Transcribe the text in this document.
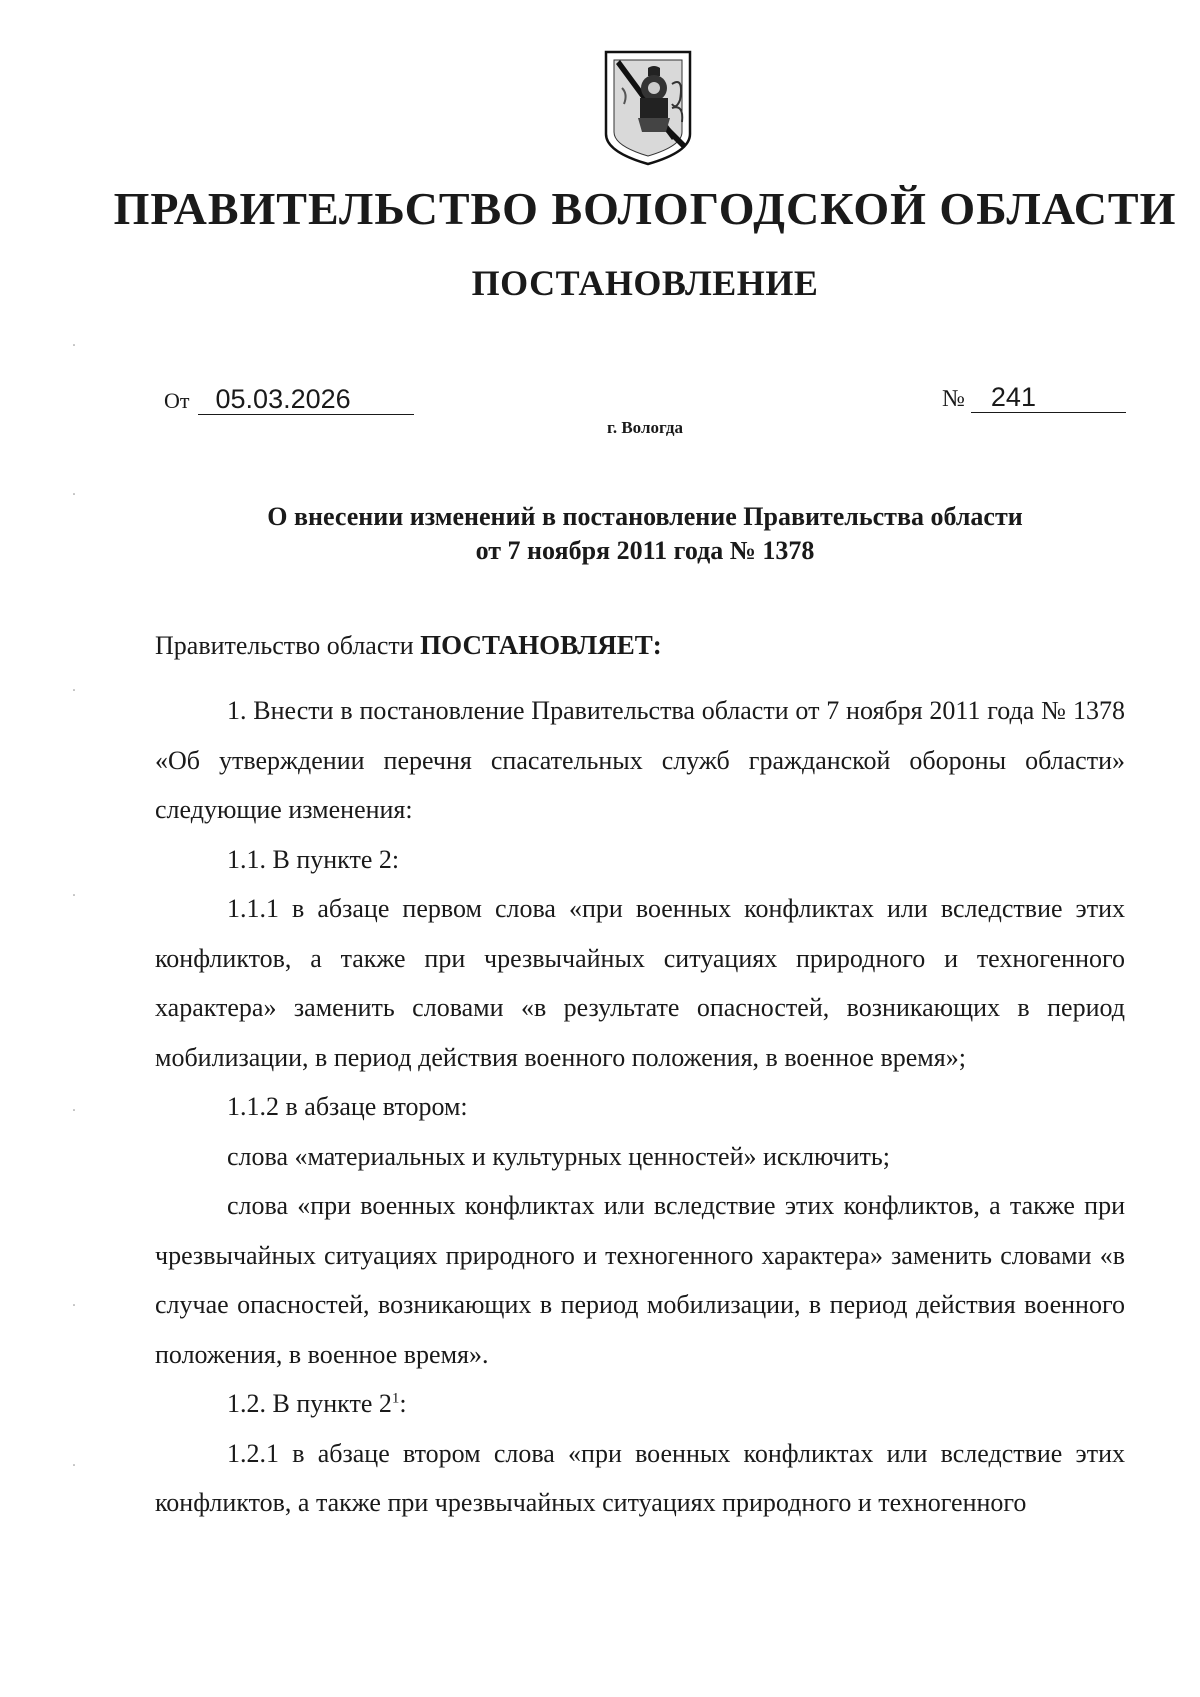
ПРАВИТЕЛЬСТВО ВОЛОГОДСКОЙ ОБЛАСТИ
ПОСТАНОВЛЕНИЕ
От 05.03.2026	№ 241
г. Вологда
О внесении изменений в постановление Правительства области
от 7 ноября 2011 года № 1378
Правительство области ПОСТАНОВЛЯЕТ:

1. Внести в постановление Правительства области от 7 ноября 2011 года № 1378 «Об утверждении перечня спасательных служб гражданской обороны области» следующие изменения:

1.1. В пункте 2:

1.1.1 в абзаце первом слова «при военных конфликтах или вследствие этих конфликтов, а также при чрезвычайных ситуациях природного и техногенного характера» заменить словами «в результате опасностей, возникающих в период мобилизации, в период действия военного положения, в военное время»;

1.1.2 в абзаце втором:

слова «материальных и культурных ценностей» исключить;

слова «при военных конфликтах или вследствие этих конфликтов, а также при чрезвычайных ситуациях природного и техногенного характера» заменить словами «в случае опасностей, возникающих в период мобилизации, в период действия военного положения, в военное время».

1.2. В пункте $2^1$:

1.2.1 в абзаце втором слова «при военных конфликтах или вследствие этих конфликтов, а также при чрезвычайных ситуациях природного и техногенного
